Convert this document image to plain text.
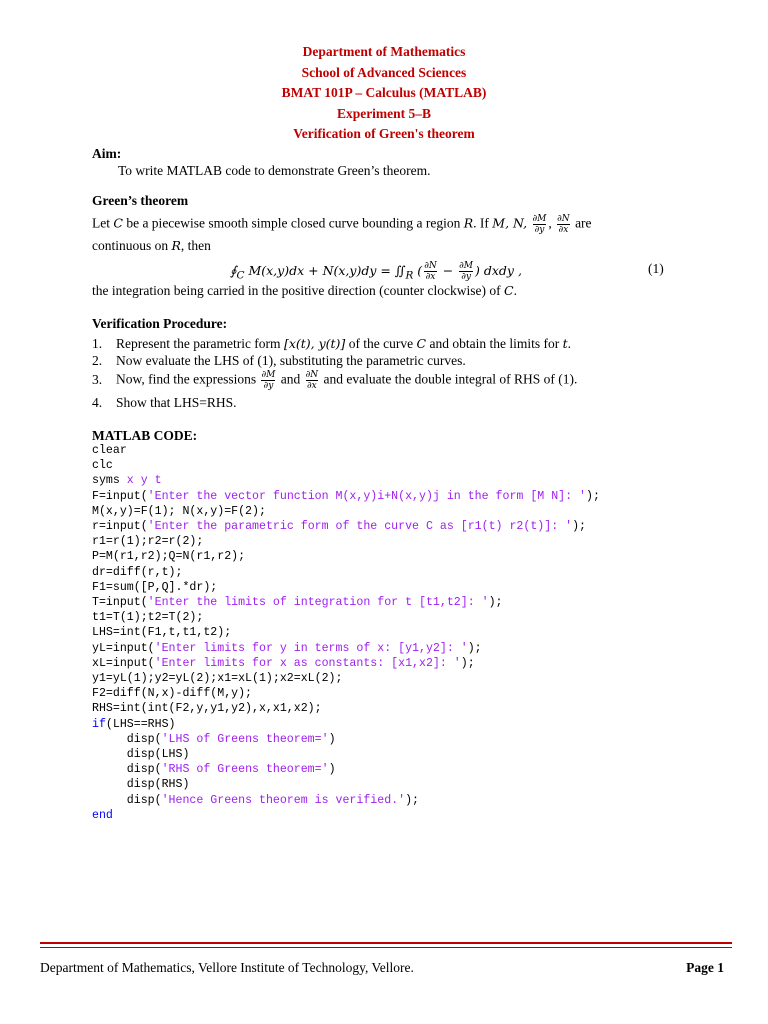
Department of Mathematics
School of Advanced Sciences
BMAT 101P – Calculus (MATLAB)
Experiment 5–B
Verification of Green's theorem
Aim:
To write MATLAB code to demonstrate Green’s theorem.
Green’s theorem
Let C be a piecewise smooth simple closed curve bounding a region R. If M, N, $\frac{\partial M}{\partial y}$ , $\frac{\partial N}{\partial x}$ are
continuous on R, then
$∮_C$ $M(x,y)dx + N(x,y)dy = ∬_R$ ( $\frac{\partial N}{\partial x} - \frac{\partial M}{\partial y}$ ) dxdy ,	(1)
the integration being carried in the positive direction (counter clockwise) of C.
Verification Procedure:
1. Represent the parametric form [x(t), y(t)] of the curve C and obtain the limits for t.
2. Now evaluate the LHS of (1), substituting the parametric curves.
3. Now, find the expressions $\frac{\partial M}{\partial y}$ and $\frac{\partial N}{\partial x}$ and evaluate the double integral of RHS of (1).
4. Show that LHS=RHS.
MATLAB CODE:
clear
clc
syms x y t
F=input('Enter the vector function M(x,y)i+N(x,y)j in the form [M N]: ');
M(x,y)=F(1); N(x,y)=F(2);
r=input('Enter the parametric form of the curve C as [r1(t) r2(t)]: ');
r1=r(1);r2=r(2);
P=M(r1,r2);Q=N(r1,r2);
dr=diff(r,t);
F1=sum([P,Q].*dr);
T=input('Enter the limits of integration for t [t1,t2]: ');
t1=T(1);t2=T(2);
LHS=int(F1,t,t1,t2);
yL=input('Enter limits for y in terms of x: [y1,y2]: ');
xL=input('Enter limits for x as constants: [x1,x2]: ');
y1=yL(1);y2=yL(2);x1=xL(1);x2=xL(2);
F2=diff(N,x)-diff(M,y);
RHS=int(int(F2,y,y1,y2),x,x1,x2);
if(LHS==RHS)
disp('LHS of Greens theorem=')
disp(LHS)
disp('RHS of Greens theorem=')
disp(RHS)
disp('Hence Greens theorem is verified.');
end
Department of Mathematics, Vellore Institute of Technology, Vellore.	Page 1
